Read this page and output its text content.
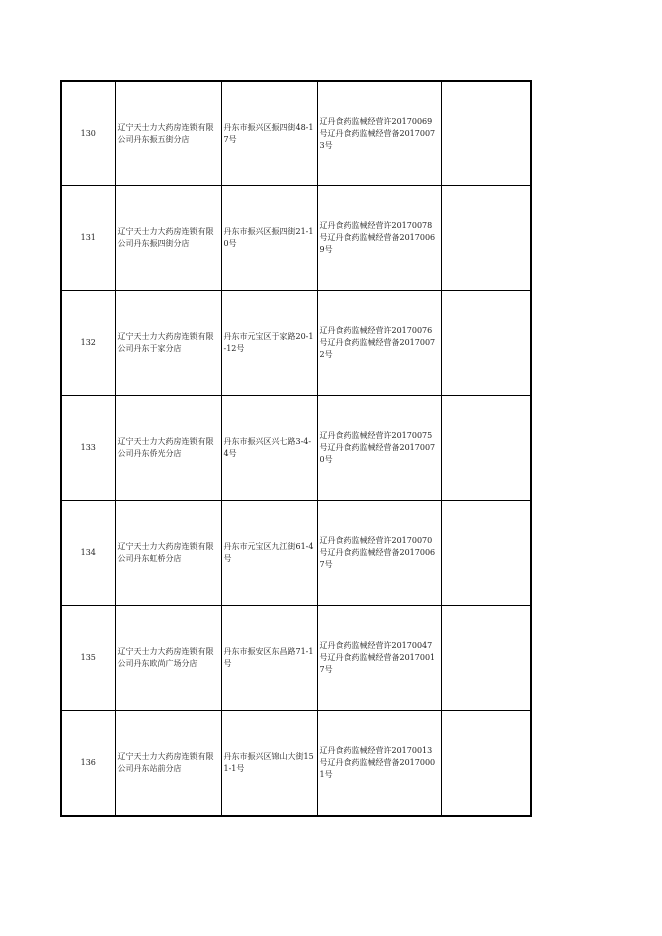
130	辽宁天士力大药房连锁有限公司丹东振五街分店	丹东市振兴区振四街48-17号	辽丹食药监械经营许20170069号辽丹食药监械经营备20170073号	
131	辽宁天士力大药房连锁有限公司丹东振四街分店	丹东市振兴区振四街21-10号	辽丹食药监械经营许20170078号辽丹食药监械经营备20170069号	
132	辽宁天士力大药房连锁有限公司丹东于家分店	丹东市元宝区于家路20-1-12号	辽丹食药监械经营许20170076号辽丹食药监械经营备20170072号	
133	辽宁天士力大药房连锁有限公司丹东侨光分店	丹东市振兴区兴七路3-4-4号	辽丹食药监械经营许20170075号辽丹食药监械经营备20170070号	
134	辽宁天士力大药房连锁有限公司丹东虹桥分店	丹东市元宝区九江街61-4号	辽丹食药监械经营许20170070号辽丹食药监械经营备20170067号	
135	辽宁天士力大药房连锁有限公司丹东欧尚广场分店	丹东市振安区东昌路71-1号	辽丹食药监械经营许20170047号辽丹食药监械经营备20170017号	
136	辽宁天士力大药房连锁有限公司丹东站前分店	丹东市振兴区锦山大街151-1号	辽丹食药监械经营许20170013号辽丹食药监械经营备20170001号	
